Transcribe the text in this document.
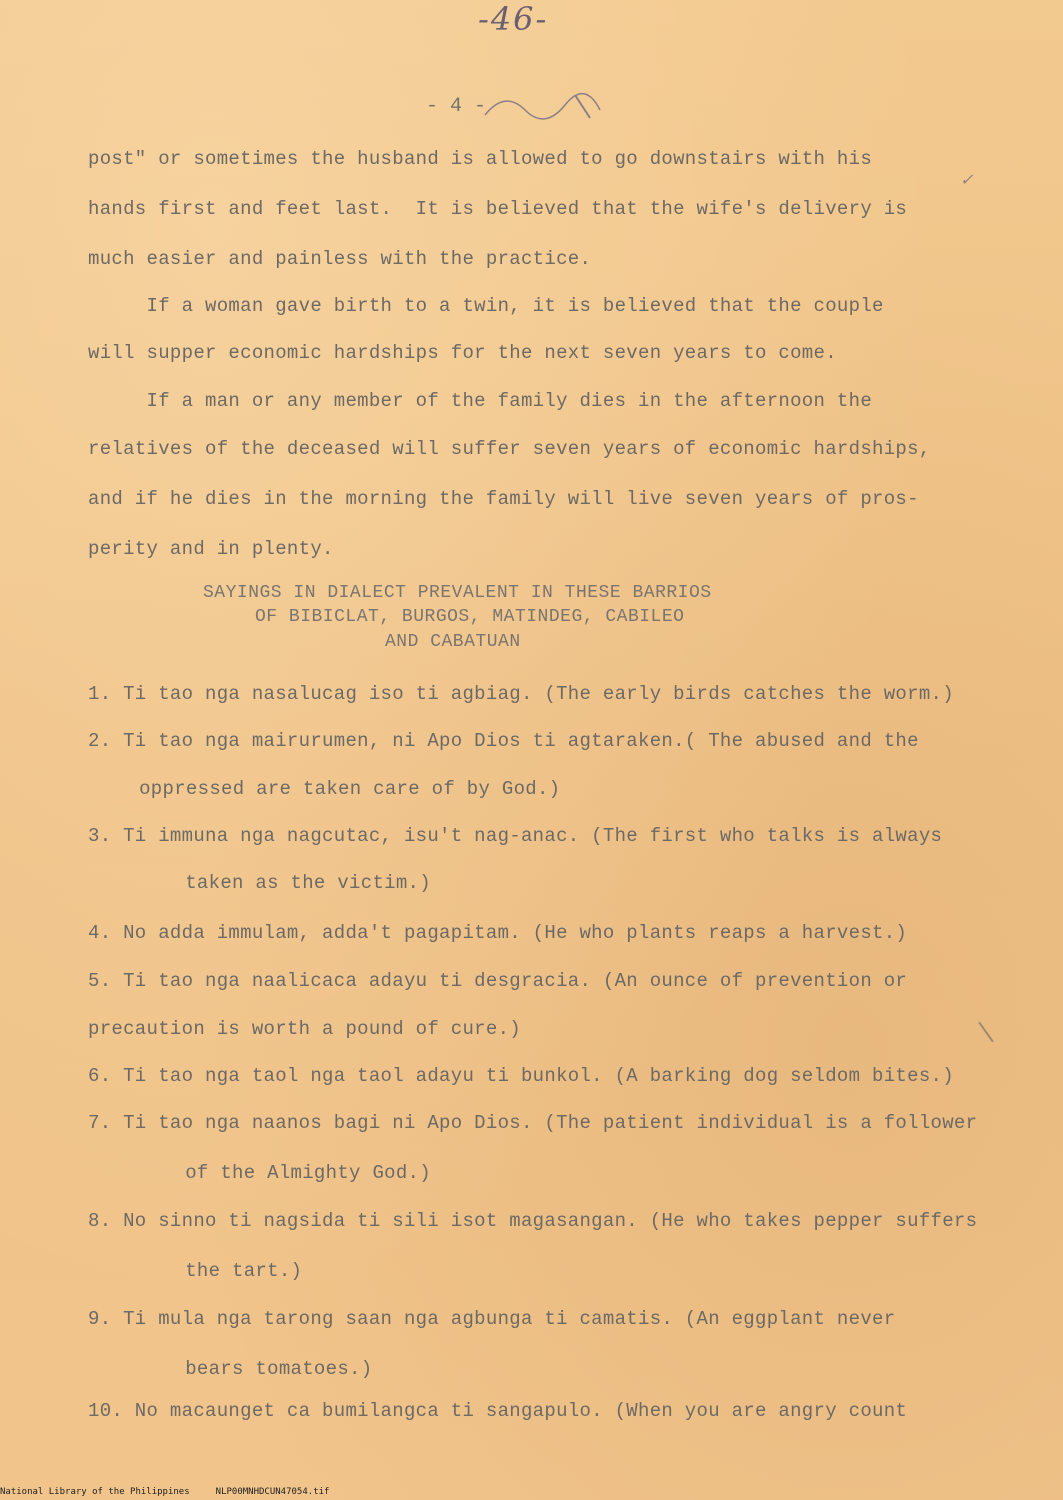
-46-
- 4 -
✓
post" or sometimes the husband is allowed to go downstairs with his
hands first and feet last.  It is believed that the wife's delivery is
much easier and painless with the practice.
If a woman gave birth to a twin, it is believed that the couple
will supper economic hardships for the next seven years to come.
If a man or any member of the family dies in the afternoon the
relatives of the deceased will suffer seven years of economic hardships,
and if he dies in the morning the family will live seven years of pros-
perity and in plenty.
SAYINGS IN DIALECT PREVALENT IN THESE BARRIOS
OF BIBICLAT, BURGOS, MATINDEG, CABILEO
AND CABATUAN
1. Ti tao nga nasalucag iso ti agbiag. (The early birds catches the worm.)
2. Ti tao nga mairurumen, ni Apo Dios ti agtaraken.( The abused and the
oppressed are taken care of by God.)
3. Ti immuna nga nagcutac, isu't nag-anac. (The first who talks is always
taken as the victim.)
4. No adda immulam, adda't pagapitam. (He who plants reaps a harvest.)
5. Ti tao nga naalicaca adayu ti desgracia. (An ounce of prevention or
precaution is worth a pound of cure.)
6. Ti tao nga taol nga taol adayu ti bunkol. (A barking dog seldom bites.)
7. Ti tao nga naanos bagi ni Apo Dios. (The patient individual is a follower
of the Almighty God.)
8. No sinno ti nagsida ti sili isot magasangan. (He who takes pepper suffers
the tart.)
9. Ti mula nga tarong saan nga agbunga ti camatis. (An eggplant never
bears tomatoes.)
10. No macaunget ca bumilangca ti sangapulo. (When you are angry count
National Library of the Philippines	NLP00MNHDCUN47054.tif
